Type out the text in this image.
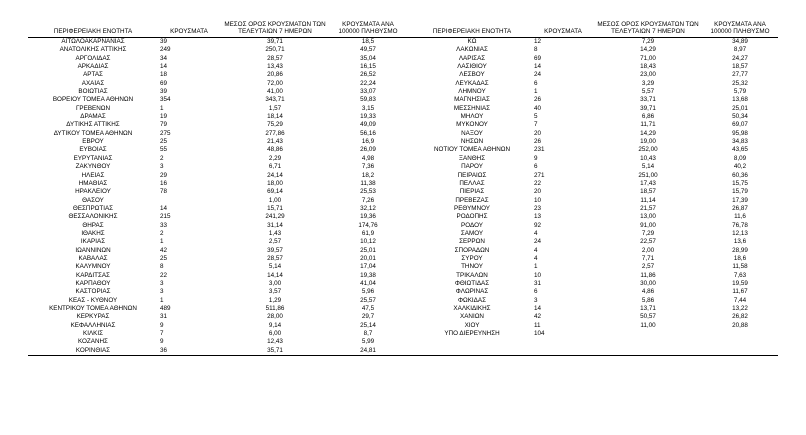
ΠΕΡΙΦΕΡΕΙΑΚΗ ΕΝΟΤΗΤΑ	ΚΡΟΥΣΜΑΤΑ	ΜΕΣΟΣ ΟΡΟΣ ΚΡΟΥΣΜΑΤΩΝ ΤΩΝ ΤΕΛΕΥΤΑΙΩΝ 7 ΗΜΕΡΩΝ	ΚΡΟΥΣΜΑΤΑ ΑΝΑ 100000 ΠΛΗΘΥΣΜΟ		ΠΕΡΙΦΕΡΕΙΑΚΗ ΕΝΟΤΗΤΑ	ΚΡΟΥΣΜΑΤΑ	ΜΕΣΟΣ ΟΡΟΣ ΚΡΟΥΣΜΑΤΩΝ ΤΩΝ ΤΕΛΕΥΤΑΙΩΝ 7 ΗΜΕΡΩΝ	ΚΡΟΥΣΜΑΤΑ ΑΝΑ 100000 ΠΛΗΘΥΣΜΟ
ΑΙΤΩΛΟΑΚΑΡΝΑΝΙΑΣ	39	39,71	18,5		ΚΩ	12	7,29	34,89
ΑΝΑΤΟΛΙΚΗΣ ΑΤΤΙΚΗΣ	249	250,71	49,57		ΛΑΚΩΝΙΑΣ	8	14,29	8,97
ΑΡΓΟΛΙΔΑΣ	34	28,57	35,04		ΛΑΡΙΣΑΣ	69	71,00	24,27
ΑΡΚΑΔΙΑΣ	14	13,43	16,15		ΛΑΣΙΘΙΟΥ	14	18,43	18,57
ΑΡΤΑΣ	18	20,86	26,52		ΛΕΣΒΟΥ	24	23,00	27,77
ΑΧΑΪΑΣ	69	72,00	22,24		ΛΕΥΚΑΔΑΣ	6	3,29	25,32
ΒΟΙΩΤΙΑΣ	39	41,00	33,07		ΛΗΜΝΟΥ	1	5,57	5,79
ΒΟΡΕΙΟΥ ΤΟΜΕΑ ΑΘΗΝΩΝ	354	343,71	59,83		ΜΑΓΝΗΣΙΑΣ	26	33,71	13,68
ΓΡΕΒΕΝΩΝ	1	1,57	3,15		ΜΕΣΣΗΝΙΑΣ	40	39,71	25,01
ΔΡΑΜΑΣ	19	18,14	19,33		ΜΗΛΟΥ	5	6,86	50,34
ΔΥΤΙΚΗΣ ΑΤΤΙΚΗΣ	79	75,29	49,09		ΜΥΚΟΝΟΥ	7	11,71	69,07
ΔΥΤΙΚΟΥ ΤΟΜΕΑ ΑΘΗΝΩΝ	275	277,86	56,16		ΝΑΞΟΥ	20	14,29	95,98
ΕΒΡΟΥ	25	21,43	16,9		ΝΗΣΩΝ	26	19,00	34,83
ΕΥΒΟΙΑΣ	55	48,86	26,09		ΝΟΤΙΟΥ ΤΟΜΕΑ ΑΘΗΝΩΝ	231	252,00	43,65
ΕΥΡΥΤΑΝΙΑΣ	2	2,29	4,98		ΞΑΝΘΗΣ	9	10,43	8,09
ΖΑΚΥΝΘΟΥ	3	6,71	7,36		ΠΑΡΟΥ	6	5,14	40,2
ΗΛΕΙΑΣ	29	24,14	18,2		ΠΕΙΡΑΙΩΣ	271	251,00	60,36
ΗΜΑΘΙΑΣ	16	18,00	11,38		ΠΕΛΛΑΣ	22	17,43	15,75
ΗΡΑΚΛΕΙΟΥ	78	69,14	25,53		ΠΙΕΡΙΑΣ	20	18,57	15,79
ΘΑΣΟΥ		1,00	7,26		ΠΡΕΒΕΖΑΣ	10	11,14	17,39
ΘΕΣΠΡΩΤΙΑΣ	14	15,71	32,12		ΡΕΘΥΜΝΟΥ	23	21,57	26,87
ΘΕΣΣΑΛΟΝΙΚΗΣ	215	241,29	19,36		ΡΟΔΟΠΗΣ	13	13,00	11,6
ΘΗΡΑΣ	33	31,14	174,76		ΡΟΔΟΥ	92	91,00	76,78
ΙΘΑΚΗΣ	2	1,43	61,9		ΣΑΜΟΥ	4	7,29	12,13
ΙΚΑΡΙΑΣ	1	2,57	10,12		ΣΕΡΡΩΝ	24	22,57	13,6
ΙΩΑΝΝΙΝΩΝ	42	39,57	25,01		ΣΠΟΡΑΔΩΝ	4	2,00	28,99
ΚΑΒΑΛΑΣ	25	28,57	20,01		ΣΥΡΟΥ	4	7,71	18,6
ΚΑΛΥΜΝΟΥ	8	5,14	17,04		ΤΗΝΟΥ	1	2,57	11,58
ΚΑΡΔΙΤΣΑΣ	22	14,14	19,38		ΤΡΙΚΑΛΩΝ	10	11,86	7,63
ΚΑΡΠΑΘΟΥ	3	3,00	41,04		ΦΘΙΩΤΙΔΑΣ	31	30,00	19,59
ΚΑΣΤΟΡΙΑΣ	3	3,57	5,96		ΦΛΩΡΙΝΑΣ	6	4,86	11,67
ΚΕΑΣ - ΚΥΘΝΟΥ	1	1,29	25,57		ΦΩΚΙΔΑΣ	3	5,86	7,44
ΚΕΝΤΡΙΚΟΥ ΤΟΜΕΑ ΑΘΗΝΩΝ	489	511,86	47,5		ΧΑΛΚΙΔΙΚΗΣ	14	13,71	13,22
ΚΕΡΚΥΡΑΣ	31	28,00	29,7		ΧΑΝΙΩΝ	42	50,57	26,82
ΚΕΦΑΛΛΗΝΙΑΣ	9	9,14	25,14		ΧΙΟΥ	11	11,00	20,88
ΚΙΛΚΙΣ	7	6,00	8,7		ΥΠΟ ΔΙΕΡΕΥΝΗΣΗ	104		
ΚΟΖΑΝΗΣ	9	12,43	5,99					
ΚΟΡΙΝΘΙΑΣ	36	35,71	24,81					
